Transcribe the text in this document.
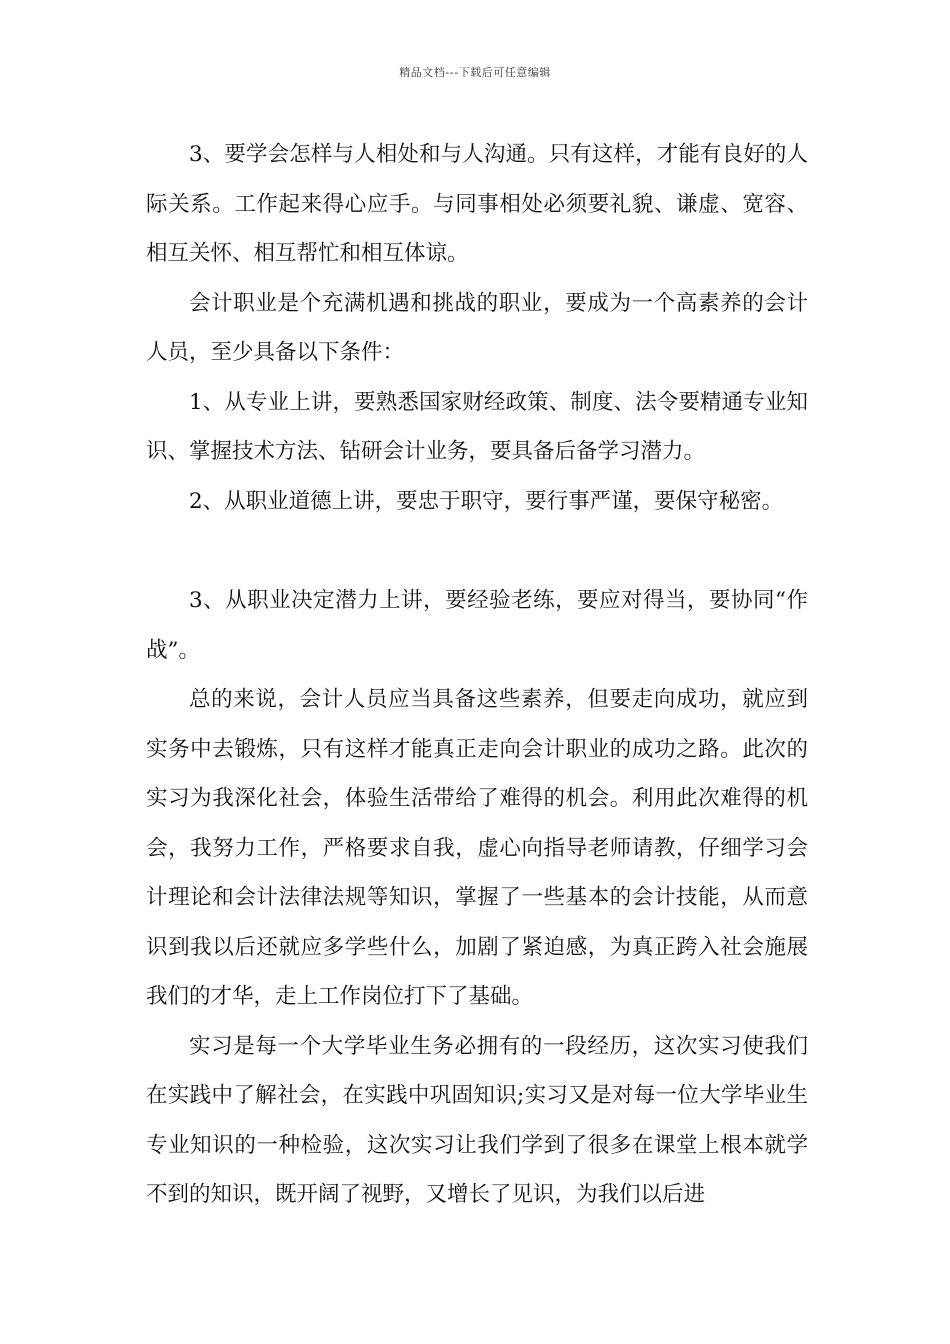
精品文档---下载后可任意编辑

3、要学会怎样与人相处和与人沟通。只有这样，才能有良好的人际关系。工作起来得心应手。与同事相处必须要礼貌、谦虚、宽容、相互关怀、相互帮忙和相互体谅。

会计职业是个充满机遇和挑战的职业，要成为一个高素养的会计人员，至少具备以下条件：

1、从专业上讲，要熟悉国家财经政策、制度、法令要精通专业知识、掌握技术方法、钻研会计业务，要具备后备学习潜力。

2、从职业道德上讲，要忠于职守，要行事严谨，要保守秘密。

3、从职业决定潜力上讲，要经验老练，要应对得当，要协同“作战”。

总的来说，会计人员应当具备这些素养，但要走向成功，就应到实务中去锻炼，只有这样才能真正走向会计职业的成功之路。此次的实习为我深化社会，体验生活带给了难得的机会。利用此次难得的机会，我努力工作，严格要求自我，虚心向指导老师请教，仔细学习会计理论和会计法律法规等知识，掌握了一些基本的会计技能，从而意识到我以后还就应多学些什么，加剧了紧迫感，为真正跨入社会施展我们的才华，走上工作岗位打下了基础。

实习是每一个大学毕业生务必拥有的一段经历，这次实习使我们在实践中了解社会，在实践中巩固知识;实习又是对每一位大学毕业生专业知识的一种检验，这次实习让我们学到了很多在课堂上根本就学不到的知识，既开阔了视野，又增长了见识，为我们以后进
